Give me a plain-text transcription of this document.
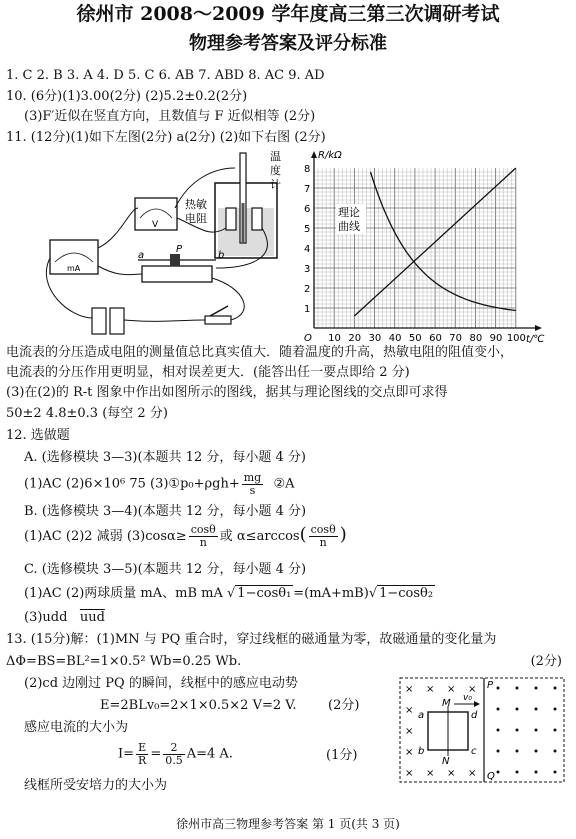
徐州市 2008～2009 学年度高三第三次调研考试
物理参考答案及评分标准
1. C 2. B 3. A 4. D 5. C 6. AB 7. ABD 8. AC 9. AD
10. (6分)(1)3.00(2分) (2)5.2±0.2(2分)
(3)F′近似在竖直方向，且数值与 F 近似相等 (2分)
11. (12分)(1)如下左图(2分) a(2分) (2)如下右图 (2分)
温
度
计
热敏
电阻
V
mA
a
P
b
R/kΩ
t/℃
O
1
2
3
4
5
6
7
8
10 20 30 40 50 60 70 80 90 100
理论
曲线
电流表的分压造成电阻的测量值总比真实值大．随着温度的升高，热敏电阻的阻值变小，
电流表的分压作用更明显，相对误差更大．(能答出任一要点即给 2 分)
(3)在(2)的 R-t 图象中作出如图所示的图线，据其与理论图线的交点即可求得
50±2 4.8±0.3 (每空 2 分)
12. 选做题
A. (选修模块 3—3)(本题共 12 分，每小题 4 分)
(1)AC (2)6×10⁶ 75 (3)①p₀+ρgh+ $\frac{mg}{s}$ ②A
B. (选修模块 3—4)(本题共 12 分，每小题 4 分)
(1)AC (2)2 减弱 $(3)\cos\alpha\ge \frac{\cos\theta}{n}$ 或 $\alpha\le\arccos( \frac{\cos\theta}{n}$ )
C. (选修模块 3—5)(本题共 12 分，每小题 4 分)
(1)AC (2)两球质量 mA、mB mA √ 1−cosθ₁ =(mA+mB)√ 1−cosθ₂
(3)udd $\overline{uud}$
13. (15分)解：(1)MN 与 PQ 重合时，穿过线框的磁通量为零，故磁通量的变化量为
ΔΦ=BS=BL²=1×0.5² Wb=0.25 Wb.	(2分)
(2)cd 边刚过 PQ 的瞬间，线框中的感应电动势
E=2BLv₀=2×1×0.5×2 V=2 V. (2分)
感应电流的大小为
$I= \frac{E}{R} = \frac{2}{0.5} A=4$ A.	(1分)
线框所受安培力的大小为
×
×
×
×
×
×
×
×
×
×
×
v₀
P
Q
M
N
a
b	c
d
徐州市高三物理参考答案 第 1 页(共 3 页)
